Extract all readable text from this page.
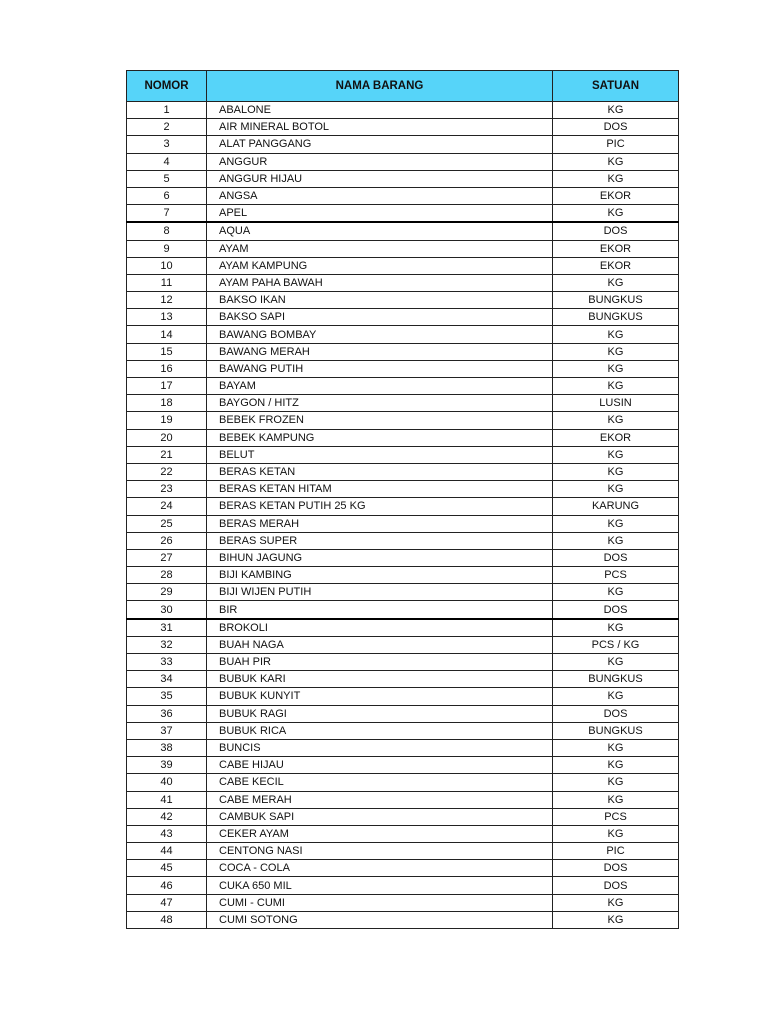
NOMOR	NAMA BARANG	SATUAN
1	ABALONE	KG
2	AIR MINERAL BOTOL	DOS
3	ALAT PANGGANG	PIC
4	ANGGUR	KG
5	ANGGUR HIJAU	KG
6	ANGSA	EKOR
7	APEL	KG
8	AQUA	DOS
9	AYAM	EKOR
10	AYAM KAMPUNG	EKOR
11	AYAM PAHA BAWAH	KG
12	BAKSO IKAN	BUNGKUS
13	BAKSO SAPI	BUNGKUS
14	BAWANG BOMBAY	KG
15	BAWANG MERAH	KG
16	BAWANG PUTIH	KG
17	BAYAM	KG
18	BAYGON / HITZ	LUSIN
19	BEBEK FROZEN	KG
20	BEBEK KAMPUNG	EKOR
21	BELUT	KG
22	BERAS KETAN	KG
23	BERAS KETAN HITAM	KG
24	BERAS KETAN PUTIH 25 KG	KARUNG
25	BERAS MERAH	KG
26	BERAS SUPER	KG
27	BIHUN JAGUNG	DOS
28	BIJI KAMBING	PCS
29	BIJI WIJEN PUTIH	KG
30	BIR	DOS
31	BROKOLI	KG
32	BUAH NAGA	PCS / KG
33	BUAH PIR	KG
34	BUBUK KARI	BUNGKUS
35	BUBUK KUNYIT	KG
36	BUBUK RAGI	DOS
37	BUBUK RICA	BUNGKUS
38	BUNCIS	KG
39	CABE HIJAU	KG
40	CABE KECIL	KG
41	CABE MERAH	KG
42	CAMBUK SAPI	PCS
43	CEKER AYAM	KG
44	CENTONG NASI	PIC
45	COCA - COLA	DOS
46	CUKA 650 MIL	DOS
47	CUMI - CUMI	KG
48	CUMI SOTONG	KG
